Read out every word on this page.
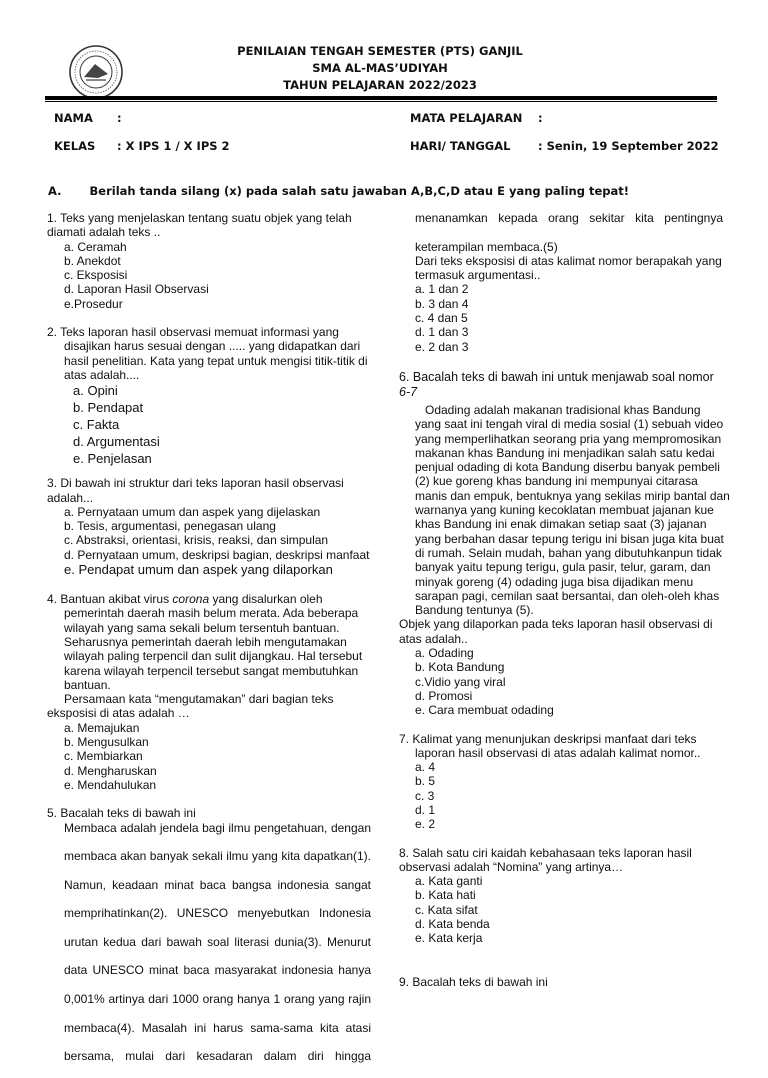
PENILAIAN TENGAH SEMESTER (PTS) GANJIL
SMA AL-MAS’UDIYAH
TAHUN PELAJARAN 2022/2023
NAMA :
KELAS : X IPS 1 / X IPS 2
MATA PELAJARAN :
HARI/ TANGGAL : Senin, 19 September 2022
A. Berilah tanda silang (x) pada salah satu jawaban A,B,C,D atau E yang paling tepat!
1. Teks yang menjelaskan tentang suatu objek yang telah
diamati adalah teks ..
a. Ceramah
b. Anekdot
c. Eksposisi
d. Laporan Hasil Observasi
e.Prosedur
2. Teks laporan hasil observasi memuat informasi yang
disajikan harus sesuai dengan ..... yang didapatkan dari
hasil penelitian. Kata yang tepat untuk mengisi titik-titik di
atas adalah....
a. Opini
b. Pendapat
c. Fakta
d. Argumentasi
e. Penjelasan
3. Di bawah ini struktur dari teks laporan hasil observasi
adalah...
a. Pernyataan umum dan aspek yang dijelaskan
b. Tesis, argumentasi, penegasan ulang
c. Abstraksi, orientasi, krisis, reaksi, dan simpulan
d. Pernyataan umum, deskripsi bagian, deskripsi manfaat
e. Pendapat umum dan aspek yang dilaporkan
4. Bantuan akibat virus corona yang disalurkan oleh
pemerintah daerah masih belum merata. Ada beberapa
wilayah yang sama sekali belum tersentuh bantuan.
Seharusnya pemerintah daerah lebih mengutamakan
wilayah paling terpencil dan sulit dijangkau. Hal tersebut
karena wilayah terpencil tersebut sangat membutuhkan
bantuan.
Persamaan kata “mengutamakan” dari bagian teks
eksposisi di atas adalah …
a. Memajukan
b. Mengusulkan
c. Membiarkan
d. Mengharuskan
e. Mendahulukan
5. Bacalah teks di bawah ini
Membaca adalah jendela bagi ilmu pengetahuan, dengan
membaca akan banyak sekali ilmu yang kita dapatkan(1).
Namun, keadaan minat baca bangsa indonesia sangat
memprihatinkan(2). UNESCO menyebutkan Indonesia
urutan kedua dari bawah soal literasi dunia(3). Menurut
data UNESCO minat baca masyarakat indonesia hanya
0,001% artinya dari 1000 orang hanya 1 orang yang rajin
membaca(4). Masalah ini harus sama-sama kita atasi
bersama, mulai dari kesadaran dalam diri hingga
menanamkan kepada orang sekitar kita pentingnya
keterampilan membaca.(5)
Dari teks eksposisi di atas kalimat nomor berapakah yang
termasuk argumentasi..
a. 1 dan 2
b. 3 dan 4
c. 4 dan 5
d. 1 dan 3
e. 2 dan 3
6. Bacalah teks di bawah ini untuk menjawab soal nomor
6-7
Odading adalah makanan tradisional khas Bandung
yang saat ini tengah viral di media sosial (1) sebuah video
yang memperlihatkan seorang pria yang mempromosikan
makanan khas Bandung ini menjadikan salah satu kedai
penjual odading di kota Bandung diserbu banyak pembeli
(2) kue goreng khas bandung ini mempunyai citarasa
manis dan empuk, bentuknya yang sekilas mirip bantal dan
warnanya yang kuning kecoklatan membuat jajanan kue
khas Bandung ini enak dimakan setiap saat (3) jajanan
yang berbahan dasar tepung terigu ini bisan juga kita buat
di rumah. Selain mudah, bahan yang dibutuhkanpun tidak
banyak yaitu tepung terigu, gula pasir, telur, garam, dan
minyak goreng (4) odading juga bisa dijadikan menu
sarapan pagi, cemilan saat bersantai, dan oleh-oleh khas
Bandung tentunya (5).
Objek yang dilaporkan pada teks laporan hasil observasi di
atas adalah..
a. Odading
b. Kota Bandung
c.Vidio yang viral
d. Promosi
e. Cara membuat odading
7. Kalimat yang menunjukan deskripsi manfaat dari teks
laporan hasil observasi di atas adalah kalimat nomor..
a. 4
b. 5
c. 3
d. 1
e. 2
8. Salah satu ciri kaidah kebahasaan teks laporan hasil
observasi adalah “Nomina” yang artinya…
a. Kata ganti
b. Kata hati
c. Kata sifat
d. Kata benda
e. Kata kerja
9. Bacalah teks di bawah ini
